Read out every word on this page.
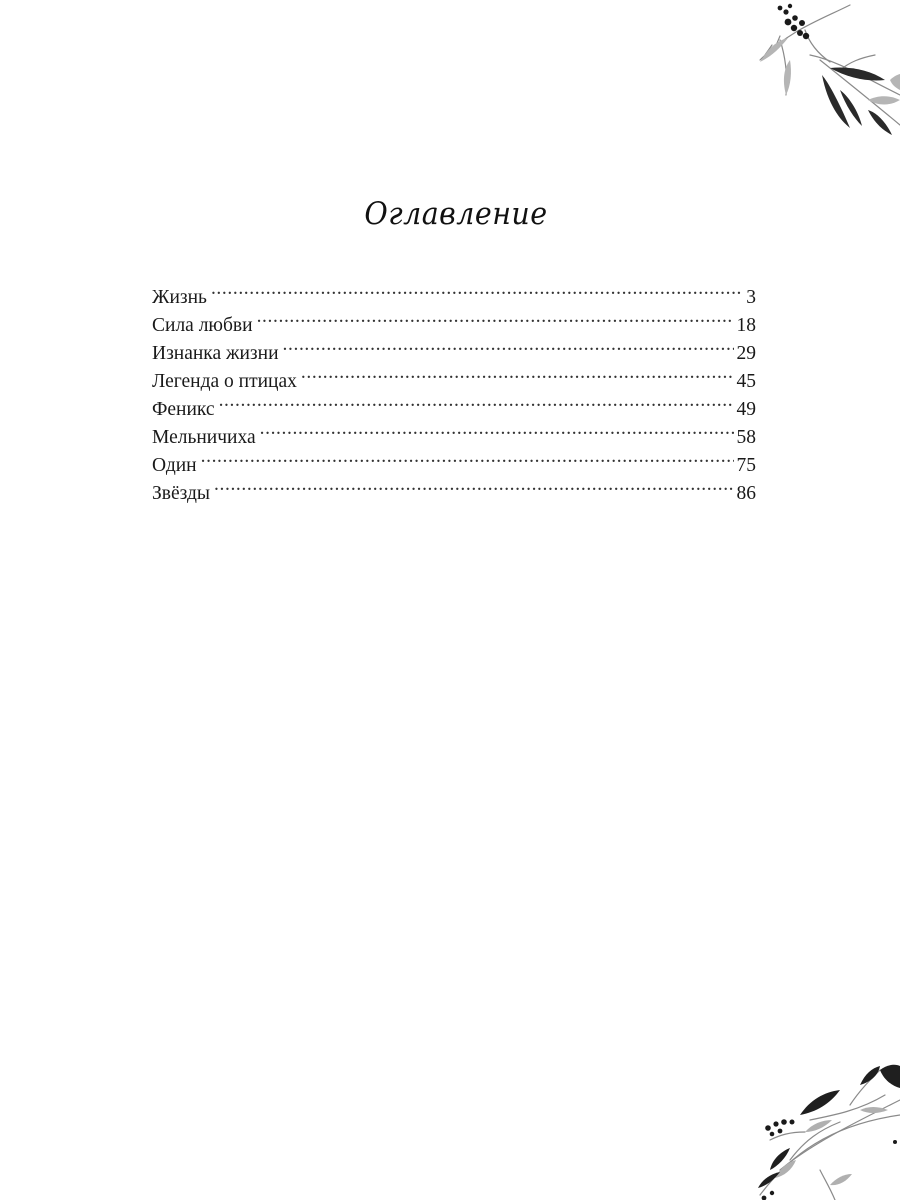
Оглавление
Жизнь .....	3
Сила любви .....	18
Изнанка жизни .....	29
Легенда о птицах .....	45
Феникс .....	49
Мельничиха .....	58
Один .....	75
Звёзды .....	86
